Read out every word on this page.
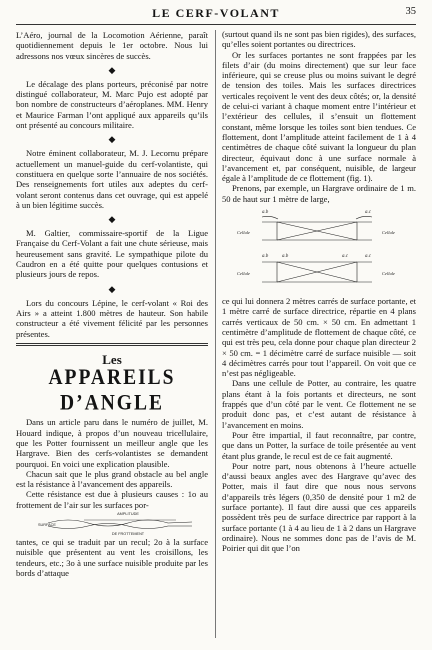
LE CERF-VOLANT	35

L’Aéro, journal de la Locomotion Aérienne, paraît quotidiennement depuis le 1er octobre. Nous lui adressons nos vœux sincères de succès.

◆

Le décalage des plans porteurs, préconisé par notre distingué collaborateur, M. Marc Pujo est adopté par bon nombre de constructeurs d’aéroplanes. MM. Henry et Maurice Farman l’ont appliqué aux appareils qu’ils ont présenté au concours militaire.

◆

Notre éminent collaborateur, M. J. Lecornu prépare actuellement un manuel-guide du cerf-volantiste, qui constituera en quelque sorte l’annuaire de nos sociétés. Des renseignements fort utiles aux adeptes du cerf-volant seront contenus dans cet ouvrage, qui est appelé à un bien légitime succès.

◆

M. Galtier, commissaire-sportif de la Ligue Française du Cerf-Volant a fait une chute sérieuse, mais heureusement sans gravité. Le sympathique pilote du Caudron en a été quitte pour quelques contusions et plusieurs jours de repos.

◆

Lors du concours Lépine, le cerf-volant « Roi des Airs » a atteint 1.800 mètres de hauteur. Son habile constructeur a été vivement félicité par les personnes présentes.

Les
APPAREILS D’ANGLE

Dans un article paru dans le numéro de juillet, M. Houard indique, à propos d’un nouveau tricellulaire, que les Potter fournissent un meilleur angle que les Hargrave. Bien des cerfs-volantistes se demandent pourquoi. En voici une explication plausible.

Chacun sait que le plus grand obstacle au bel angle est la résistance à l’avancement des appareils.

Cette résistance est due à plusieurs causes : 1o au frottement de l’air sur les surfaces por-

AMPLITUDE
SURFACE
DE FROTTEMENT

tantes, ce qui se traduit par un recul; 2o à la surface nuisible que présentent au vent les croisillons, les tendeurs, etc.; 3o à une surface nuisible produite par les bords d’attaque

(surtout quand ils ne sont pas bien rigides), des surfaces, qu’elles soient portantes ou directrices.

Or les surfaces portantes ne sont frappées par les filets d’air (du moins directement) que sur leur face inférieure, qui se creuse plus ou moins suivant le degré de tension des toiles. Mais les surfaces directrices verticales reçoivent le vent des deux côtés; or, la densité de celui-ci variant à chaque moment entre l’intérieur et l’extérieur des cellules, il s’ensuit un flottement constant, même lorsque les toiles sont bien tendues. Ce flottement, dont l’amplitude atteint facilement de 1 à 4 centimètres de chaque côté suivant la longueur du plan directeur, équivaut donc à une surface normale à l’avancement et, par conséquent, nuisible, de largeur égale à l’amplitude de ce flottement (fig. 1).

Prenons, par exemple, un Hargrave ordinaire de 1 m. 50 de haut sur 1 mètre de large,

a.b	a.c
Cellule	Cellule
a.b	a.b	a.c	a.c
Cellule	Cellule

ce qui lui donnera 2 mètres carrés de surface portante, et 1 mètre carré de surface directrice, répartie en 4 plans carrés verticaux de 50 cm. × 50 cm. En admettant 1 centimètre d’amplitude de flottement de chaque côté, ce qui est très peu, cela donne pour chaque plan directeur 2 × 50 cm. = 1 décimètre carré de surface nuisible — soit 4 décimètres carrés pour tout l’appareil. On voit que ce n’est pas négligeable.

Dans une cellule de Potter, au contraire, les quatre plans étant à la fois portants et directeurs, ne sont frappés que d’un côté par le vent. Ce flottement ne se produit donc pas, et c’est autant de résistance à l’avancement en moins.

Pour être impartial, il faut reconnaître, par contre, que dans un Potter, la surface de toile présentée au vent étant plus grande, le recul est de ce fait augmenté.

Pour notre part, nous obtenons à l’heure actuelle d’aussi beaux angles avec des Hargrave qu’avec des Potter, mais il faut dire que nous nous servons d’appareils très légers (0,350 de densité pour 1 m2 de surface portante). Il faut dire aussi que ces appareils possèdent très peu de surface directrice par rapport à la surface portante (1 à 4 au lieu de 1 à 2 dans un Hargrave ordinaire). Nous ne sommes donc pas de l’avis de M. Poirier qui dit que l’on
